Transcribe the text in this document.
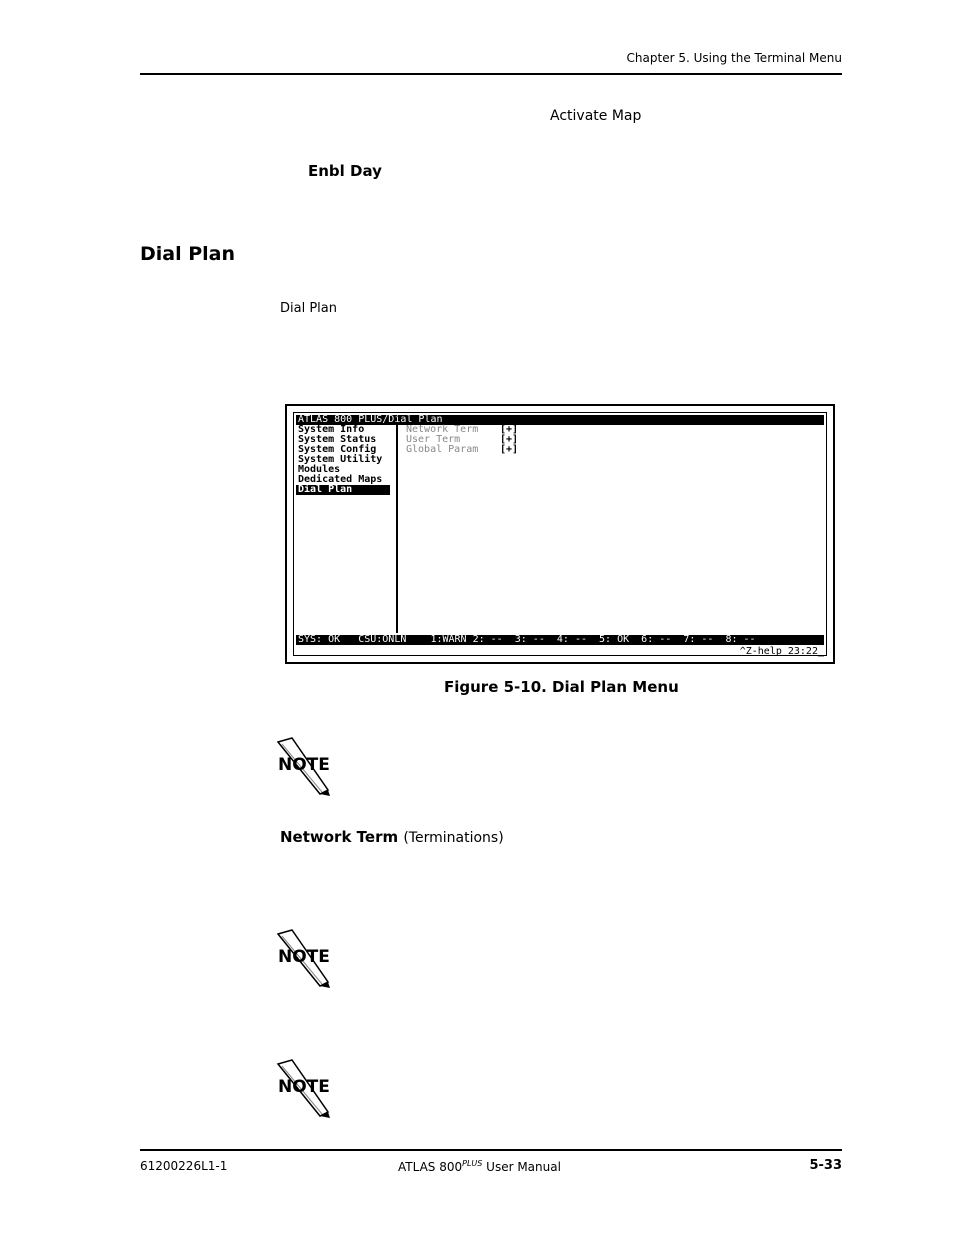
Chapter 5. Using the Terminal Menu
Activate Map
Enbl Day
Dial Plan
Dial Plan
ATLAS 800 PLUS/Dial Plan
System Info
System Status
System Config
System Utility
Modules
Dedicated Maps
Dial Plan
Network Term [+]
User Term	[+]
Global Param [+]
SYS: OK   CSU:ONLN    1:WARN 2: --  3: --  4: --  5: OK  6: --  7: --  8: --
^Z-help 23:22_
Figure 5-10. Dial Plan Menu
NOTE
Network Term (Terminations)
NOTE
NOTE
61200226L1-1	ATLAS $800^{PLUS}$ User Manual	5-33
